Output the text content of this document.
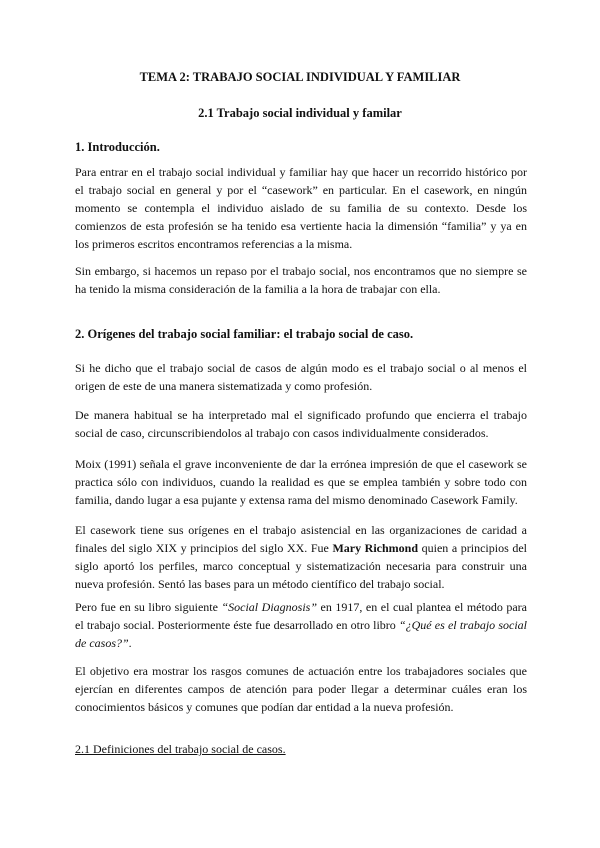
TEMA 2: TRABAJO SOCIAL INDIVIDUAL Y FAMILIAR
2.1 Trabajo social individual y familar
1. Introducción.

Para entrar en el trabajo social individual y familiar hay que hacer un recorrido histórico por el trabajo social en general y por el “casework” en particular. En el casework, en ningún momento se contempla el individuo aislado de su familia de su contexto. Desde los comienzos de esta profesión se ha tenido esa vertiente hacia la dimensión “familia” y ya en los primeros escritos encontramos referencias a la misma.

Sin embargo, si hacemos un repaso por el trabajo social, nos encontramos que no siempre se ha tenido la misma consideración de la familia a la hora de trabajar con ella.

2. Orígenes del trabajo social familiar: el trabajo social de caso.

Si he dicho que el trabajo social de casos de algún modo es el trabajo social o al menos el origen de este de una manera sistematizada y como profesión.

De manera habitual se ha interpretado mal el significado profundo que encierra el trabajo social de caso, circunscribiendolos al trabajo con casos individualmente considerados.

Moix (1991) señala el grave inconveniente de dar la errónea impresión de que el casework se practica sólo con individuos, cuando la realidad es que se emplea también y sobre todo con familia, dando lugar a esa pujante y extensa rama del mismo denominado Casework Family.

El casework tiene sus orígenes en el trabajo asistencial en las organizaciones de caridad a finales del siglo XIX y principios del siglo XX. Fue Mary Richmond quien a principios del siglo aportó los perfiles, marco conceptual y sistematización necesaria para construir una nueva profesión. Sentó las bases para un método científico del trabajo social.

Pero fue en su libro siguiente “Social Diagnosis” en 1917, en el cual plantea el método para el trabajo social. Posteriormente éste fue desarrollado en otro libro “¿Qué es el trabajo social de casos?”.

El objetivo era mostrar los rasgos comunes de actuación entre los trabajadores sociales que ejercían en diferentes campos de atención para poder llegar a determinar cuáles eran los conocimientos básicos y comunes que podían dar entidad a la nueva profesión.

2.1 Definiciones del trabajo social de casos.
